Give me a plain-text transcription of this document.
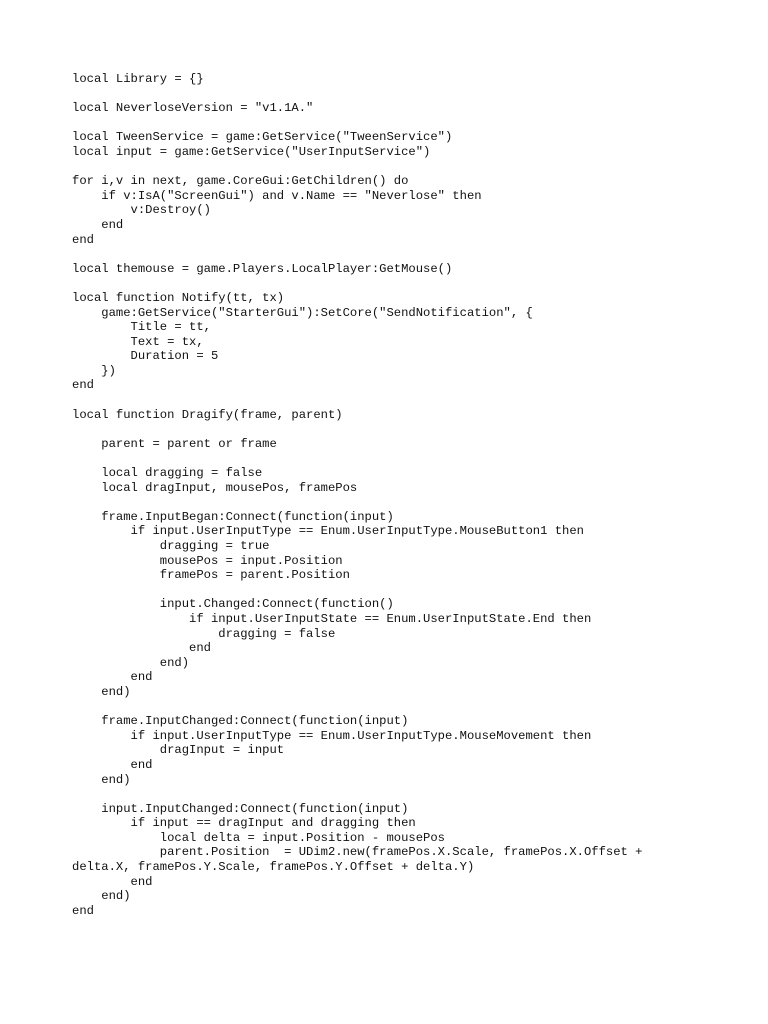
local Library = {}
local NeverloseVersion = "v1.1A."
local TweenService = game:GetService("TweenService")
local input = game:GetService("UserInputService")
for i,v in next, game.CoreGui:GetChildren() do
if v:IsA("ScreenGui") and v.Name == "Neverlose" then
v:Destroy()
end
end
local themouse = game.Players.LocalPlayer:GetMouse()
local function Notify(tt, tx)
game:GetService("StarterGui"):SetCore("SendNotification", {
Title = tt,
Text = tx,
Duration = 5
})
end
local function Dragify(frame, parent)
parent = parent or frame
local dragging = false
local dragInput, mousePos, framePos
frame.InputBegan:Connect(function(input)
if input.UserInputType == Enum.UserInputType.MouseButton1 then
dragging = true
mousePos = input.Position
framePos = parent.Position
input.Changed:Connect(function()
if input.UserInputState == Enum.UserInputState.End then
dragging = false
end
end)
end
end)
frame.InputChanged:Connect(function(input)
if input.UserInputType == Enum.UserInputType.MouseMovement then
dragInput = input
end
end)
input.InputChanged:Connect(function(input)
if input == dragInput and dragging then
local delta = input.Position - mousePos
parent.Position  = UDim2.new(framePos.X.Scale, framePos.X.Offset +
delta.X, framePos.Y.Scale, framePos.Y.Offset + delta.Y)
end
end)
end
